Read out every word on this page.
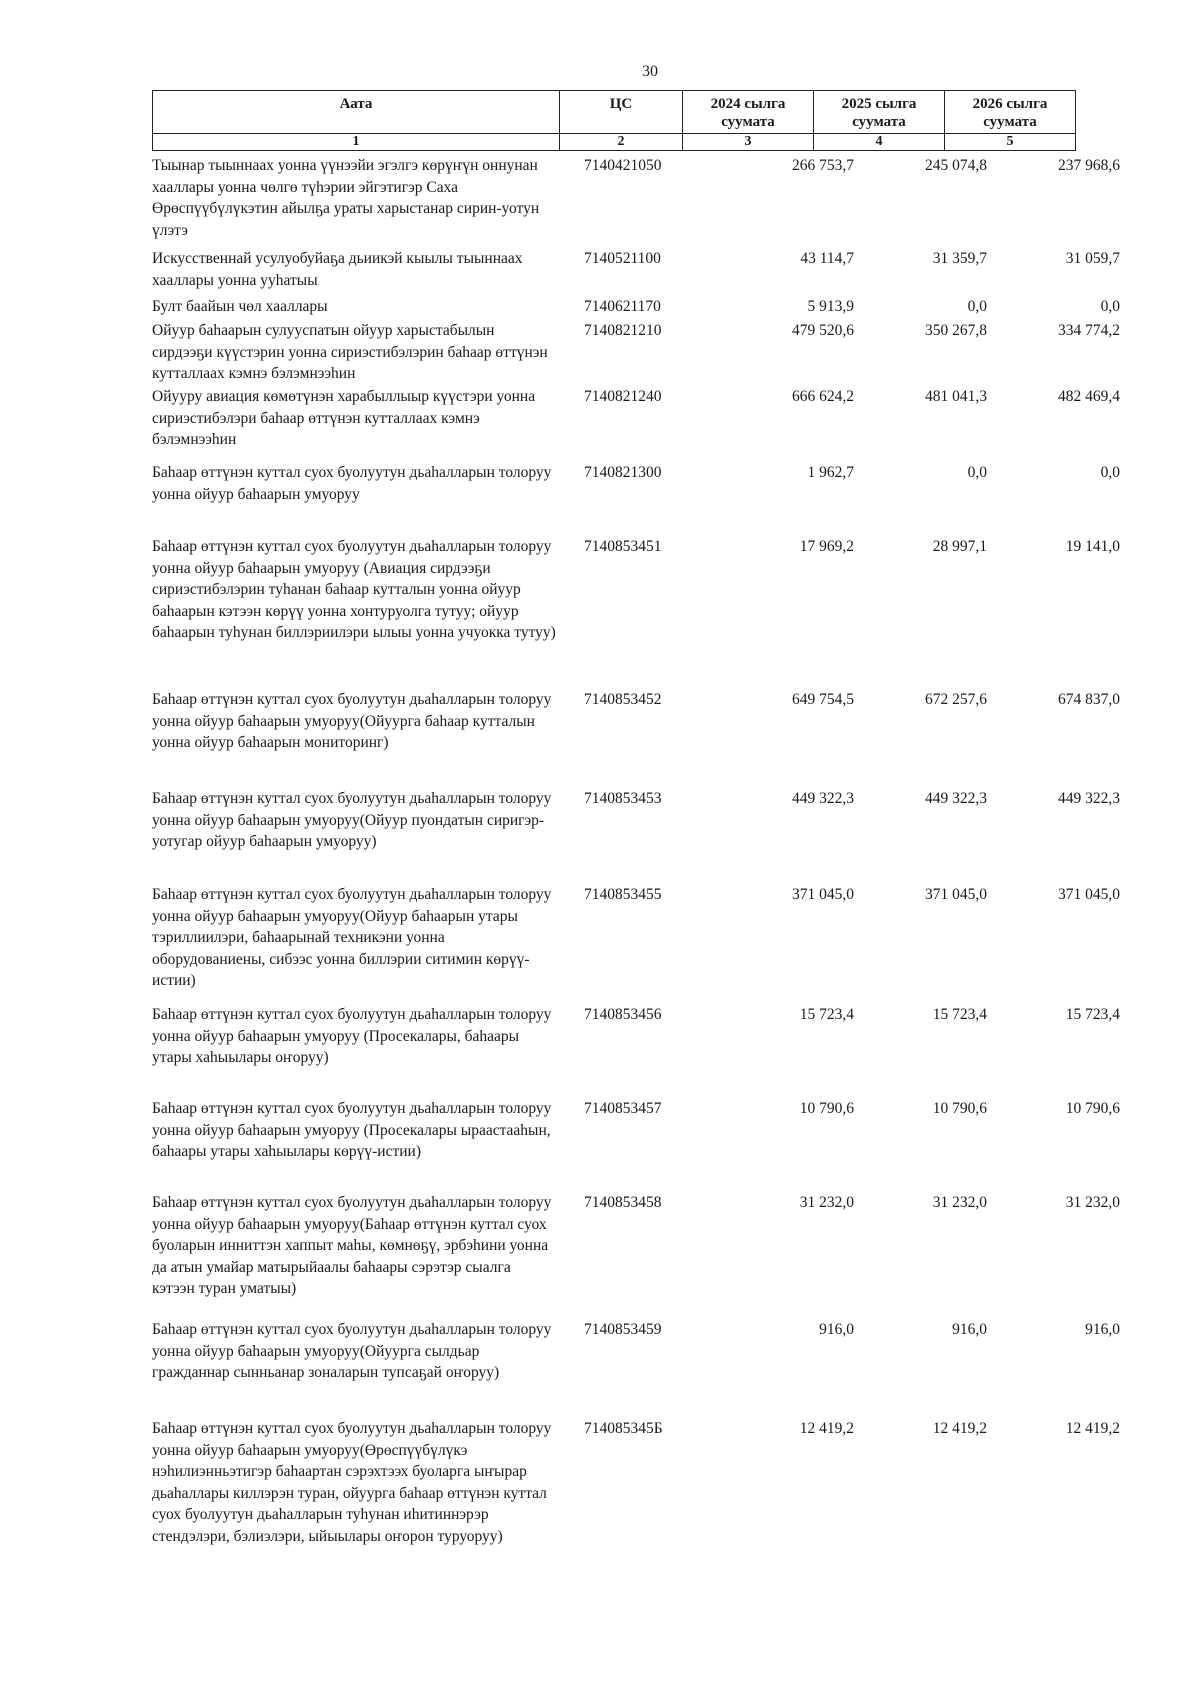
30
Аата	ЦС	2024 сылга суумата	2025 сылга суумата	2026 сылга суумата
1	2	3	4	5
Тыынар тыыннаах уонна үүнээйи эгэлгэ көрүҥүн оннунан хааллары уонна чөлгө түһэрии эйгэтигэр Саха Өрөспүүбүлүкэтин айылҕа ураты харыстанар сирин-уотун үлэтэ
7140421050	266 753,7	245 074,8	237 968,6
Искусственнай усулуобуйаҕа дьиикэй кыылы тыыннаах хааллары уонна ууһатыы
7140521100	43 114,7	31 359,7	31 059,7
Булт баайын чөл хааллары	7140621170	5 913,9	0,0	0,0
Ойуур баһаарын сулууспатын ойуур харыстабылын сирдээҕи күүстэрин уонна сириэстибэлэрин баһаар өттүнэн кутталлаах кэмнэ бэлэмнээһин
7140821210	479 520,6	350 267,8	334 774,2
Ойууру авиация көмөтүнэн харабыллыыр күүстэри уонна сириэстибэлэри баһаар өттүнэн кутталлаах кэмнэ бэлэмнээһин
7140821240	666 624,2	481 041,3	482 469,4
Баһаар өттүнэн куттал суох буолуутун дьаһалларын толоруу уонна ойуур баһаарын умуоруу
7140821300	1 962,7	0,0	0,0
Баһаар өттүнэн куттал суох буолуутун дьаһалларын толоруу уонна ойуур баһаарын умуоруу (Авиация сирдээҕи сириэстибэлэрин туһанан баһаар кутталын уонна ойуур баһаарын кэтээн көрүү уонна хонтуруолга тутуу; ойуур баһаарын туһунан биллэриилэри ылыы уонна учуокка тутуу)
7140853451	17 969,2	28 997,1	19 141,0
Баһаар өттүнэн куттал суох буолуутун дьаһалларын толоруу уонна ойуур баһаарын умуоруу(Ойуурга баһаар кутталын уонна ойуур баһаарын мониторинг)
7140853452	649 754,5	672 257,6	674 837,0
Баһаар өттүнэн куттал суох буолуутун дьаһалларын толоруу уонна ойуур баһаарын умуоруу(Ойуур пуондатын сиригэр-уотугар ойуур баһаарын умуоруу)
7140853453	449 322,3	449 322,3	449 322,3
Баһаар өттүнэн куттал суох буолуутун дьаһалларын толоруу уонна ойуур баһаарын умуоруу(Ойуур баһаарын утары тэриллиилэри, баһаарынай техникэни уонна оборудованиены, сибээс уонна биллэрии ситимин көрүү-истии)
7140853455	371 045,0	371 045,0	371 045,0
Баһаар өттүнэн куттал суох буолуутун дьаһалларын толоруу уонна ойуур баһаарын умуоруу (Просекалары, баһаары утары хаһыылары оҥоруу)
7140853456	15 723,4	15 723,4	15 723,4
Баһаар өттүнэн куттал суох буолуутун дьаһалларын толоруу уонна ойуур баһаарын умуоруу (Просекалары ыраастааһын, баһаары утары хаһыылары көрүү-истии)
7140853457	10 790,6	10 790,6	10 790,6
Баһаар өттүнэн куттал суох буолуутун дьаһалларын толоруу уонна ойуур баһаарын умуоруу(Баһаар өттүнэн куттал суох буоларын инниттэн хаппыт маһы, көмнөҕү, эрбэһини уонна да атын умайар матырыйаалы баһаары сэрэтэр сыалга кэтээн туран уматыы)
7140853458	31 232,0	31 232,0	31 232,0
Баһаар өттүнэн куттал суох буолуутун дьаһалларын толоруу уонна ойуур баһаарын умуоруу(Ойуурга сылдьар гражданнар сынньанар зоналарын тупсаҕай оҥоруу)
7140853459	916,0	916,0	916,0
Баһаар өттүнэн куттал суох буолуутун дьаһалларын толоруу уонна ойуур баһаарын умуоруу(Өрөспүүбүлүкэ нэһилиэнньэтигэр баһаартан сэрэхтээх буоларга ыҥырар дьаһаллары киллэрэн туран, ойуурга баһаар өттүнэн куттал суох буолуутун дьаһалларын туһунан иһитиннэрэр стендэлэри, бэлиэлэри, ыйыылары оҥорон туруоруу)
714085345Б	12 419,2	12 419,2	12 419,2
